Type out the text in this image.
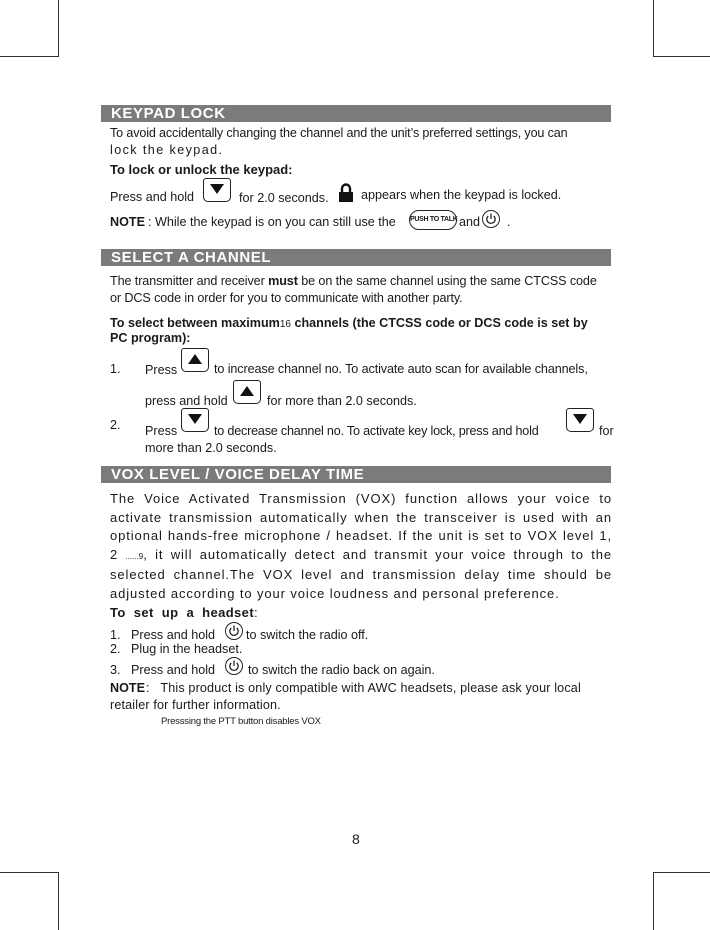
KEYPAD LOCK
To avoid accidentally changing the channel and the unit’s preferred settings, you can
lock the keypad.
To lock or unlock the keypad:
Press and hold	for 2.0 seconds.	appears when the keypad is locked.
NOTE : While the keypad is on you can still use the PUSH TO TALK and .
SELECT A CHANNEL
The transmitter and receiver must be on the same channel using the same CTCSS code
or DCS code in order for you to communicate with another party.
To select between maximum16 channels (the CTCSS code or DCS code is set by
PC program):
1. Press	to increase channel no. To activate auto scan for available channels,
press and hold	for more than 2.0 seconds.
2. Press	to decrease channel no. To activate key lock, press and hold	for
more than 2.0 seconds.
VOX LEVEL / VOICE DELAY TIME
The Voice Activated Transmission (VOX) function allows your voice to activate transmission automatically when the transceiver is used with an optional hands-free microphone / headset. If the unit is set to VOX level 1, 2 ......9, it will automatically detect and transmit your voice through to the selected channel.The VOX level and transmission delay time should be adjusted according to your voice loudness and personal preference.
To  set  up  a  headset:
1.   Press and hold to switch the radio off.
2.   Plug in the headset.
3.   Press and hold	to switch the radio back on again.
NOTE :   This product is only compatible with AWC headsets, please ask your local
retailer for further information.
Presssing the PTT button disables VOX
8
